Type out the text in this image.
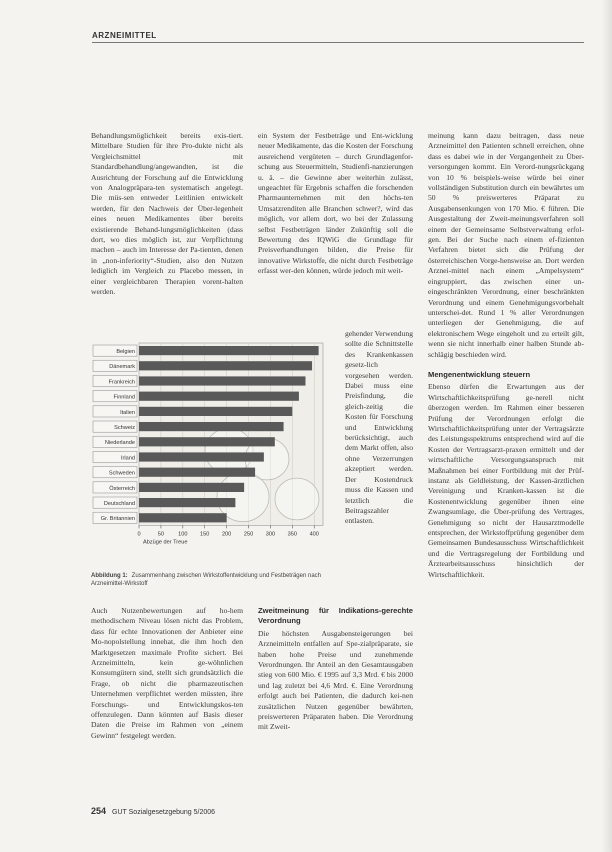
ARZNEIMITTEL

Behandlungsmöglichkeit bereits exis-tiert. Mittelbare Studien für ihre Pro-dukte nicht als Vergleichsmittel mit Standardbehandlung/angewandten, ist die Ausrichtung der Forschung auf die Entwicklung von Analogpräpara-ten systematisch angelegt. Die müs-sen entweder Leitlinien entwickelt werden, für den Nachweis der Über-legenheit eines neuen Medikamentes über bereits existierende Behand-lungsmöglichkeiten (dass dort, wo dies möglich ist, zur Verpflichtung machen – auch im Interesse der Pa-tienten, denen in „non-inferiority“-Studien, also den Nutzen lediglich im Vergleich zu Placebo messen, in einer vergleichbaren Therapien vorent-halten werden.

ein System der Festbeträge und Ent-wicklung neuer Medikamente, das die Kosten der Forschung ausreichend vergüteten – durch Grundlagenfor-schung aus Steuermitteln, Studienfi-nanzierungen u. ä. – die Gewinne aber weiterhin zulässt, ungeachtet für Ergebnis schaffen die forschenden Pharmaunternehmen mit den höchs-ten Umsatzrenditen alle Branchen schwer?, wird das möglich, vor allem dort, wo bei der Zulassung selbst Festbeträgen länder Zukünftig soll die Bewertung des IQWiG die Grundlage für Preisverhandlungen bilden, die Preise für innovative Wirkstoffe, die nicht durch Festbeträge erfasst wer-den können, würde jedoch mit weit-

gehender Verwendung sollte die Schnittstelle des Krankenkassen gesetz-lich vorgesehen werden. Dabei muss eine Preisfindung, die gleich-zeitig die Kosten für Forschung und Entwicklung berücksichtigt, auch dem Markt offen, also ohne Verzerrungen akzeptiert werden. Der Kostendruck muss die Kassen und letztlich die Beitragszahler entlasten.

meinung kann dazu beitragen, dass neue Arzneimittel den Patienten schnell erreichen, ohne dass es dabei wie in der Vergangenheit zu Über-versorgungen kommt. Ein Verord-nungsrückgang von 10 % beispiels-weise würde bei einer vollständigen Substitution durch ein bewährtes um 50 % preiswerteres Präparat zu Ausgabensenkungen von 170 Mio. € führen. Die Ausgestaltung der Zweit-meinungsverfahren soll einem der Gemeinsame Selbstverwaltung erfol-gen. Bei der Suche nach einem ef-fizienten Verfahren bietet sich die Prüfung der österreichischen Vorge-hensweise an. Dort werden Arznei-mittel nach einem „Ampelsystem“ eingruppiert, das zwischen einer un-eingeschränkten Verordnung, einer beschränkten Verordnung und einem Genehmigungsvorbehalt unterschei-det. Rund 1 % aller Verordnungen unterliegen der Genehmigung, die auf elektronischem Wege eingeholt und zu erteilt gilt, wenn sie nicht innerhalb einer halben Stunde ab-schlägig beschieden wird.

Mengenentwicklung steuern

Ebenso dürfen die Erwartungen aus der Wirtschaftlichkeitsprüfung ge-nerell nicht überzogen werden. Im Rahmen einer besseren Prüfung der Verordnungen erfolgt die Wirtschaftlichkeitsprüfung unter der Vertragsärzte des Leistungsspektrums entsprechend wird auf die Kosten der Vertragsarzt-praxen ermittelt und der wirtschaftliche Versorgungsanspruch mit Maßnahmen bei einer Fortbildung mit der Prüf-instanz als Geldleistung, der Kassen-ärztlichen Vereinigung und Kranken-kassen ist die Kostenentwicklung gegenüber ihnen eine Zwangsumlage, die Über-prüfung des Vertrages, Genehmigung so nicht der Hausarztmodelle entsprechen, der Wirkstoffprüfung gegenüber dem Gemeinsamen Bundesausschuss Wirtschaftlichkeit und die Vertragsregelung der Fortbildung und Ärztearbeitsausschuss hinsichtlich der Wirtschaftlichkeit.

Belgien
Dänemark
Frankreich
Finnland
Italien
Schweiz
Niederlande
Irland
Schweden
Österreich
Deutschland
Gr. Britannien
0	50	100 150 200 250 300 350 400
Abzüge der Treue
Abbildung 1: Zusammenhang zwischen Wirkstoffentwicklung und Festbeträgen nach Arzneimittel-Wirkstoff

Auch Nutzenbewertungen auf ho-hem methodischem Niveau lösen nicht das Problem, dass für echte Innovationen der Anbieter eine Mo-nopolstellung innehat, die ihm hoch den Marktgesetzen maximale Profite sichert. Bei Arzneimitteln, kein ge-wöhnlichen Konsumgütern sind, stellt sich grundsätzlich die Frage, ob nicht die pharmazeutischen Unternehmen verpflichtet werden müssten, ihre Forschungs- und Entwicklungskos-ten offenzulegen. Dann könnten auf Basis dieser Daten die Preise im Rahmen von „einem Gewinn“ festgelegt werden.

Zweitmeinung für Indikations-gerechte Verordnung

Die höchsten Ausgabensteigerungen bei Arzneimitteln entfallen auf Spe-zialpräparate, sie haben hohe Preise und zunehmende Verordnungen. Ihr Anteil an den Gesamtausgaben stieg von 600 Mio. € 1995 auf 3,3 Mrd. € bis 2000 und lag zuletzt bei 4,6 Mrd. €. Eine Verordnung erfolgt auch bei Patienten, die dadurch kei-nen zusätzlichen Nutzen gegenüber bewährten, preiswerteren Präparaten haben. Die Verordnung mit Zweit-

254 GUT Sozialgesetzgebung 5/2006
